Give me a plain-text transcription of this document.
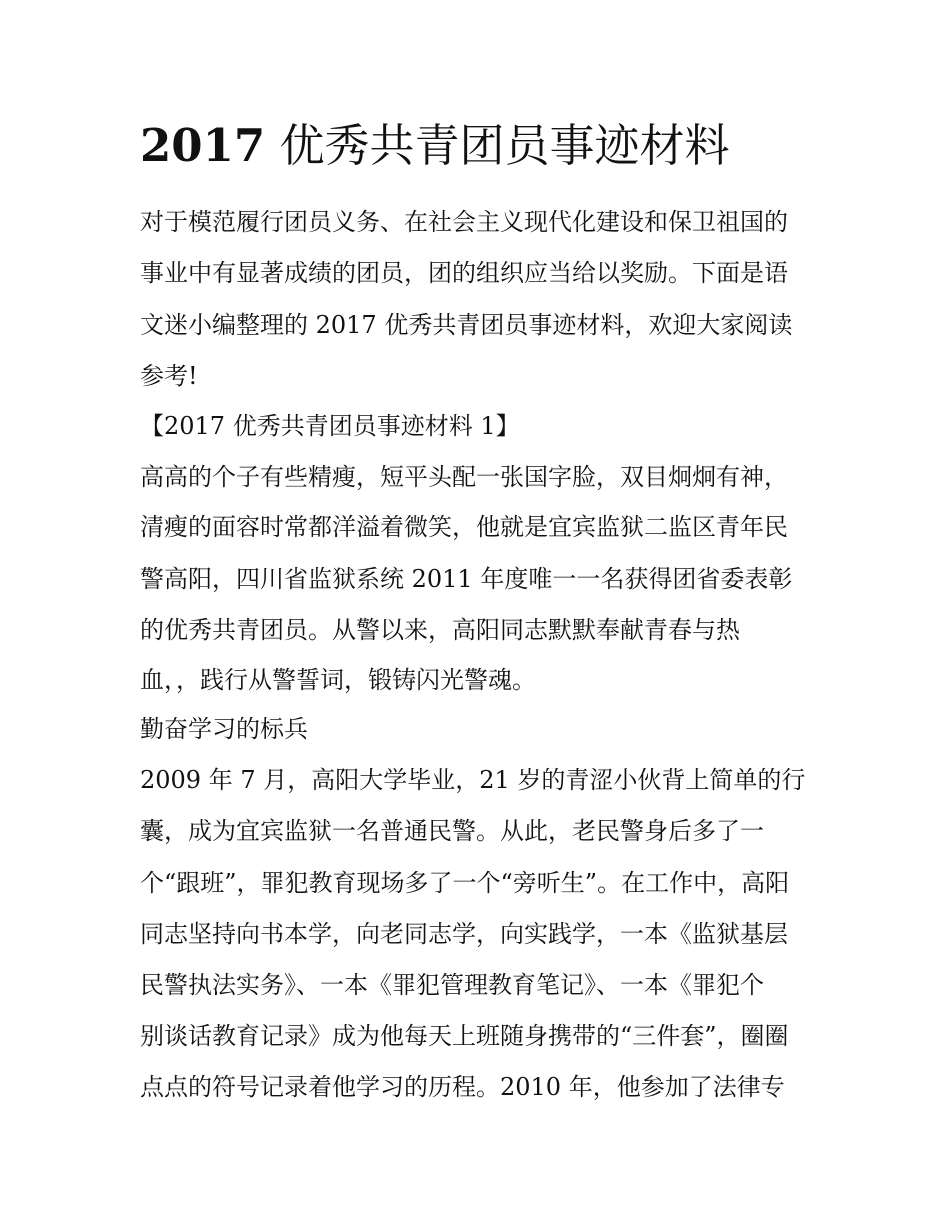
2017 优秀共青团员事迹材料

对于模范履行团员义务、在社会主义现代化建设和保卫祖国的

事业中有显著成绩的团员，团的组织应当给以奖励。下面是语

文迷小编整理的 2017 优秀共青团员事迹材料，欢迎大家阅读

参考!

【2017 优秀共青团员事迹材料 1】

高高的个子有些精瘦，短平头配一张国字脸，双目炯炯有神，

清瘦的面容时常都洋溢着微笑，他就是宜宾监狱二监区青年民

警高阳，四川省监狱系统 2011 年度唯一一名获得团省委表彰

的优秀共青团员。从警以来，高阳同志默默奉献青春与热

血，，践行从警誓词，锻铸闪光警魂。

勤奋学习的标兵

2009 年 7 月，高阳大学毕业，21 岁的青涩小伙背上简单的行

囊，成为宜宾监狱一名普通民警。从此，老民警身后多了一

个“跟班”，罪犯教育现场多了一个“旁听生”。在工作中，高阳

同志坚持向书本学，向老同志学，向实践学，一本《监狱基层

民警执法实务》、一本《罪犯管理教育笔记》、一本《罪犯个

别谈话教育记录》成为他每天上班随身携带的“三件套”，圈圈

点点的符号记录着他学习的历程。2010 年，他参加了法律专
